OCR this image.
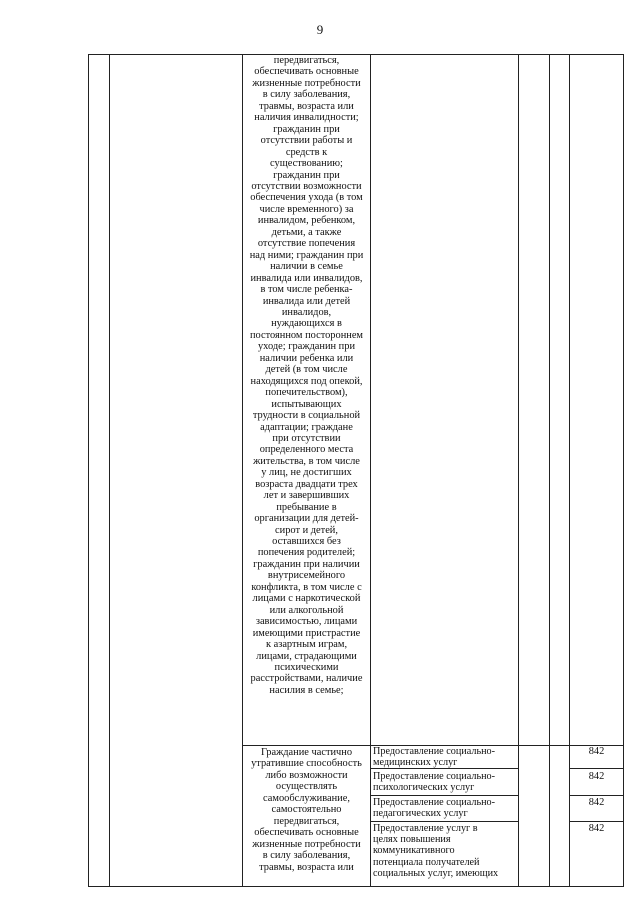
9
передвигаться,
обеспечивать основные
жизненные потребности
в силу заболевания,
травмы, возраста или
наличия инвалидности;
гражданин при
отсутствии работы и
средств к
существованию;
гражданин при
отсутствии возможности
обеспечения ухода (в том
числе временного) за
инвалидом, ребенком,
детьми, а также
отсутствие попечения
над ними; гражданин при
наличии в семье
инвалида или инвалидов,
в том числе ребенка-
инвалида или детей
инвалидов,
нуждающихся в
постоянном постороннем
уходе; гражданин при
наличии ребенка или
детей (в том числе
находящихся под опекой,
попечительством),
испытывающих
трудности в социальной
адаптации; граждане
при отсутствии
определенного места
жительства, в том числе
у лиц, не достигших
возраста двадцати трех
лет и завершивших
пребывание в
организации для детей-
сирот и детей,
оставшихся без
попечения родителей;
гражданин при наличии
внутрисемейного
конфликта, в том числе с
лицами с наркотической
или алкогольной
зависимостью, лицами
имеющими пристрастие
к азартным играм,
лицами, страдающими
психическими
расстройствами, наличие
насилия в семье;
Граждание частично
утратившие способность
либо возможности
осуществлять
самообслуживание,
самостоятельно
передвигаться,
обеспечивать основные
жизненные потребности
в силу заболевания,
травмы, возраста или
Предоставление социально-
медицинских услуг
842
Предоставление социально-
психологических услуг
842
Предоставление социально-
педагогических услуг
842
Предоставление услуг в
целях повышения
коммуникативного
потенциала получателей
социальных услуг, имеющих
842
